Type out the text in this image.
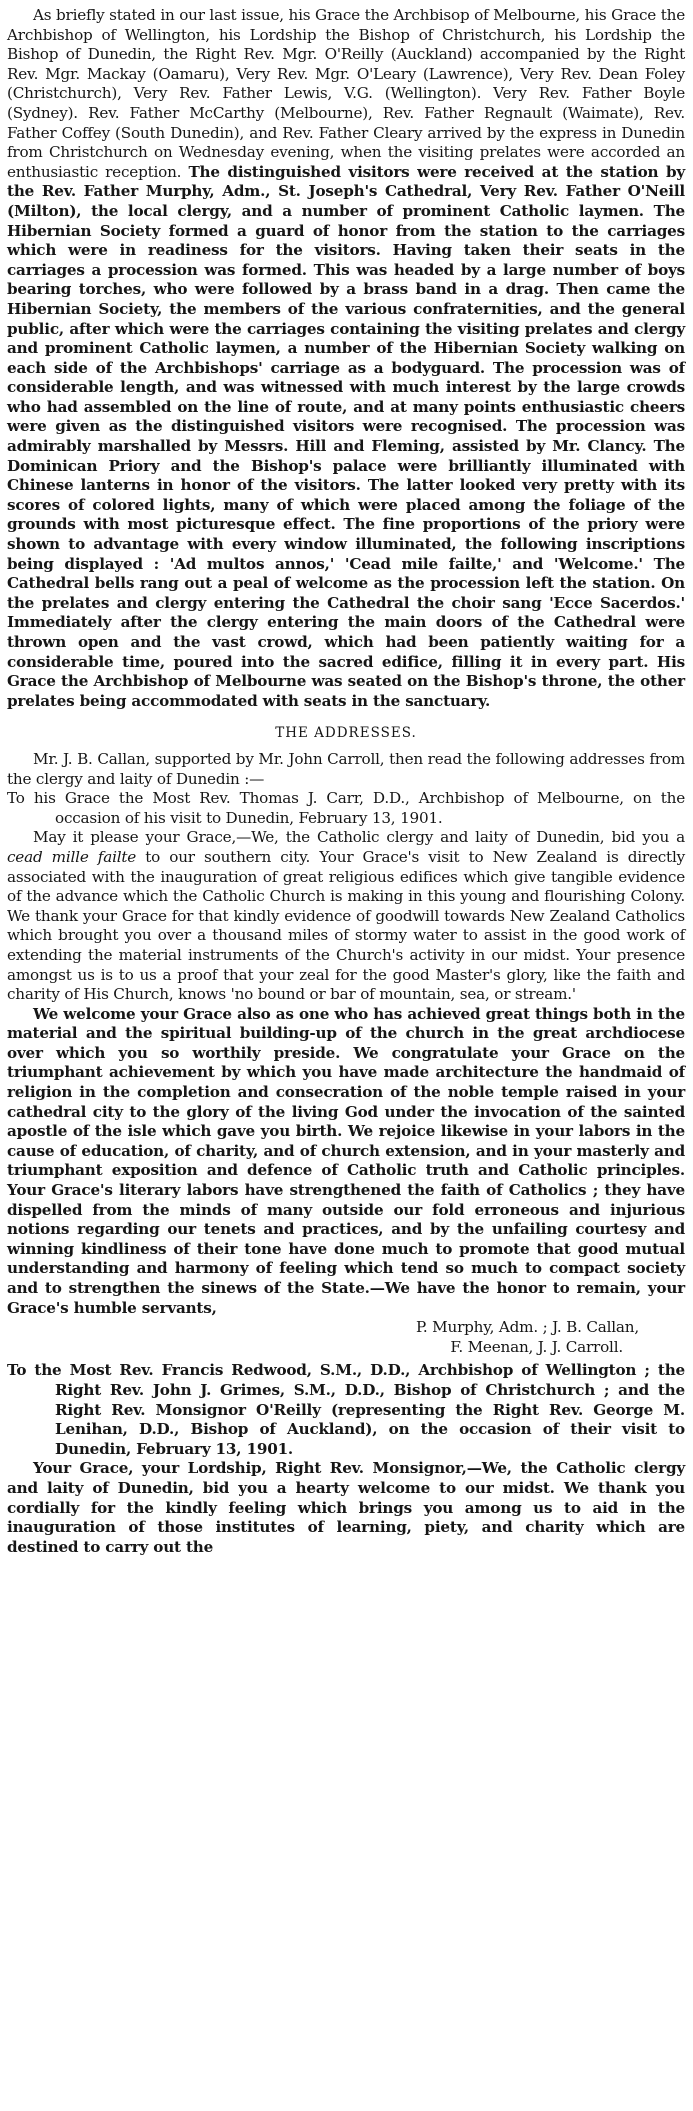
As briefly stated in our last issue, his Grace the Archbisop of Melbourne, his Grace the Archbishop of Wellington, his Lordship the Bishop of Christchurch, his Lordship the Bishop of Dunedin, the Right Rev. Mgr. O'Reilly (Auckland) accompanied by the Right Rev. Mgr. Mackay (Oamaru), Very Rev. Mgr. O'Leary (Lawrence), Very Rev. Dean Foley (Christchurch), Very Rev. Father Lewis, V.G. (Wellington). Very Rev. Father Boyle (Sydney). Rev. Father McCarthy (Melbourne), Rev. Father Regnault (Waimate), Rev. Father Coffey (South Dunedin), and Rev. Father Cleary arrived by the express in Dunedin from Christchurch on Wednesday evening, when the visiting prelates were accorded an enthusiastic reception. The distinguished visitors were received at the station by the Rev. Father Murphy, Adm., St. Joseph's Cathedral, Very Rev. Father O'Neill (Milton), the local clergy, and a number of prominent Catholic laymen. The Hibernian Society formed a guard of honor from the station to the carriages which were in readiness for the visitors. Having taken their seats in the carriages a procession was formed. This was headed by a large number of boys bearing torches, who were followed by a brass band in a drag. Then came the Hibernian Society, the members of the various confraternities, and the general public, after which were the carriages containing the visiting prelates and clergy and prominent Catholic laymen, a number of the Hibernian Society walking on each side of the Archbishops' carriage as a bodyguard. The procession was of considerable length, and was witnessed with much interest by the large crowds who had assembled on the line of route, and at many points enthusiastic cheers were given as the distinguished visitors were recognised. The procession was admirably marshalled by Messrs. Hill and Fleming, assisted by Mr. Clancy. The Dominican Priory and the Bishop's palace were brilliantly illuminated with Chinese lanterns in honor of the visitors. The latter looked very pretty with its scores of colored lights, many of which were placed among the foliage of the grounds with most picturesque effect. The fine proportions of the priory were shown to advantage with every window illuminated, the following inscriptions being displayed : 'Ad multos annos,' 'Cead mile failte,' and 'Welcome.' The Cathedral bells rang out a peal of welcome as the procession left the station. On the prelates and clergy entering the Cathedral the choir sang 'Ecce Sacerdos.' Immediately after the clergy entering the main doors of the Cathedral were thrown open and the vast crowd, which had been patiently waiting for a considerable time, poured into the sacred edifice, filling it in every part. His Grace the Archbishop of Melbourne was seated on the Bishop's throne, the other prelates being accommodated with seats in the sanctuary.

THE ADDRESSES.

Mr. J. B. Callan, supported by Mr. John Carroll, then read the following addresses from the clergy and laity of Dunedin :—

To his Grace the Most Rev. Thomas J. Carr, D.D., Archbishop of Melbourne, on the occasion of his visit to Dunedin, February 13, 1901.

May it please your Grace,—We, the Catholic clergy and laity of Dunedin, bid you a cead mille failte to our southern city. Your Grace's visit to New Zealand is directly associated with the inauguration of great religious edifices which give tangible evidence of the advance which the Catholic Church is making in this young and flourishing Colony. We thank your Grace for that kindly evidence of goodwill towards New Zealand Catholics which brought you over a thousand miles of stormy water to assist in the good work of extending the material instruments of the Church's activity in our midst. Your presence amongst us is to us a proof that your zeal for the good Master's glory, like the faith and charity of His Church, knows 'no bound or bar of mountain, sea, or stream.'

We welcome your Grace also as one who has achieved great things both in the material and the spiritual building-up of the church in the great archdiocese over which you so worthily preside. We congratulate your Grace on the triumphant achievement by which you have made architecture the handmaid of religion in the completion and consecration of the noble temple raised in your cathedral city to the glory of the living God under the invocation of the sainted apostle of the isle which gave you birth. We rejoice likewise in your labors in the cause of education, of charity, and of church extension, and in your masterly and triumphant exposition and defence of Catholic truth and Catholic principles. Your Grace's literary labors have strengthened the faith of Catholics ; they have dispelled from the minds of many outside our fold erroneous and injurious notions regarding our tenets and practices, and by the unfailing courtesy and winning kindliness of their tone have done much to promote that good mutual understanding and harmony of feeling which tend so much to compact society and to strengthen the sinews of the State.—We have the honor to remain, your Grace's humble servants,

P. Murphy, Adm. ; J. B. Callan,

F. Meenan, J. J. Carroll.

To the Most Rev. Francis Redwood, S.M., D.D., Archbishop of Wellington ; the Right Rev. John J. Grimes, S.M., D.D., Bishop of Christchurch ; and the Right Rev. Monsignor O'Reilly (representing the Right Rev. George M. Lenihan, D.D., Bishop of Auckland), on the occasion of their visit to Dunedin, February 13, 1901.

Your Grace, your Lordship, Right Rev. Monsignor,—We, the Catholic clergy and laity of Dunedin, bid you a hearty welcome to our midst. We thank you cordially for the kindly feeling which brings you among us to aid in the inauguration of those institutes of learning, piety, and charity which are destined to carry out the
